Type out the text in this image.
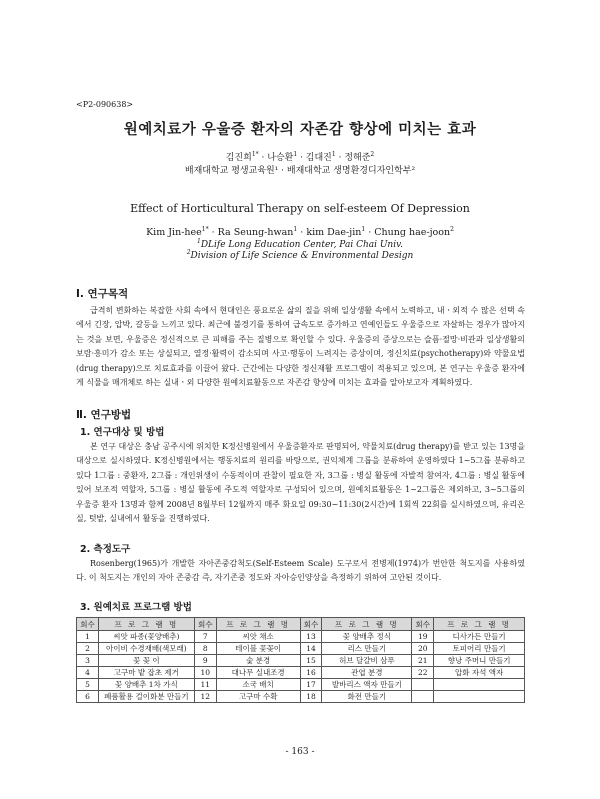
<P2-090638>
원예치료가 우울증 환자의 자존감 향상에 미치는 효과
김진희$^{1*}$ · 나승환$^1$ · 김대진$^1$ · 정해준$^2$
배재대학교 평생교육원¹ · 배재대학교 생명환경디자인학부²
Effect of Horticultural Therapy on self-esteem Of Depression
Kim Jin-hee$^{1*}$ · Ra Seung-hwan$^1$ · kim Dae-jin$^1$ · Chung hae-joon$^2$
$^1$DLife Long Education Center, Pai Chai Univ.
$^2$Division of Life Science & Environmental Design
Ⅰ. 연구목적

급격히 변화하는 복잡한 사회 속에서 현대인은 풍요로운 삶의 질을 위해 일상생활 속에서 노력하고, 내ㆍ외적 수 많은 선택 속에서 긴장, 압박, 갈등을 느끼고 있다. 최근에 불경기를 통하여 급속도로 증가하고 연예인들도 우울증으로 자살하는 경우가 많아지는 것을 보면, 우울증은 정신적으로 큰 피해를 주는 질병으로 확인할 수 있다. 우울증의 증상으로는 슬픔·절망·비관과 일상생활의 보람·흥미가 감소 또는 상실되고, 열정·활력이 감소되며 사고·행동이 느려지는 증상이며, 정신치료(psychotherapy)와 약물요법(drug therapy)으로 치료효과를 이끌어 왔다. 근간에는 다양한 정신재활 프로그램이 적용되고 있으며, 본 연구는 우울증 환자에게 식물을 매개체로 하는 실내ㆍ외 다양한 원예치료활동으로 자존감 향상에 미치는 효과를 알아보고자 계획하였다.

Ⅱ. 연구방법
1. 연구대상 및 방법

본 연구 대상은 충남 공주시에 위치한 K정신병원에서 우울증환자로 판명되어, 약물치료(drug therapy)를 받고 있는 13명을 대상으로 실시하였다. K정신병원에서는 행동치료의 원리를 바탕으로, 권익체계 그룹을 분류하여 운영하였다 1~5그룹 분류하고 있다 1그룹 : 중환자, 2그룹 : 개인위생이 수동적이며 관찰이 필요한 자, 3그룹 : 병실 활동에 자발적 참여자, 4그룹 : 병실 활동에 있어 보조적 역할자, 5그룹 : 병실 활동에 주도적 역할자로 구성되어 있으며, 원예치료활동은 1~2그룹은 제외하고, 3~5그룹의 우울증 환자 13명과 함께 2008년 8월부터 12월까지 매주 화요일 09:30~11:30(2시간)에 1회씩 22회를 실시하였으며, 유리온실, 텃밭, 실내에서 활동을 진행하였다.

2. 측정도구

Rosenberg(1965)가 개발한 자아존중감척도(Self-Esteem Scale) 도구로서 전병제(1974)가 번안한 척도지를 사용하였다. 이 척도지는 개인의 자아 존중감 즉, 자기존중 정도와 자아승인양상을 측정하기 위하여 고안된 것이다.

3. 원예치료 프로그램 방법
회수	프 로 그 램 명	회수	프 로 그 램 명	회수	프 로 그 램 명	회수	프 로 그 램 명
1	씨앗 파종(꽃양배추)	7	씨앗 채소	13	꽃 양배추 정식	19	디사가든 만들기
2	아이비 수경재배(색모래)	8	테이블 꽃꽂이	14	리스 만들기	20	토피어리 만들기
3	꽃 꽂 이	9	숯 분경	15	허브 달걀비 삼푸	21	향낭 주머니 만들기
4	고구마 밭 잡초 제거	10	대나무 실내조경	16	관엽 분경	22	압화 자석 액자
5	꽃 양배추 1차 가식	11	소국 배치	17	발바리스 액자 만들기		
6	폐품활용 걸이화분 만들기	12	고구마 수확	18	화전 만들기		
- 163 -
